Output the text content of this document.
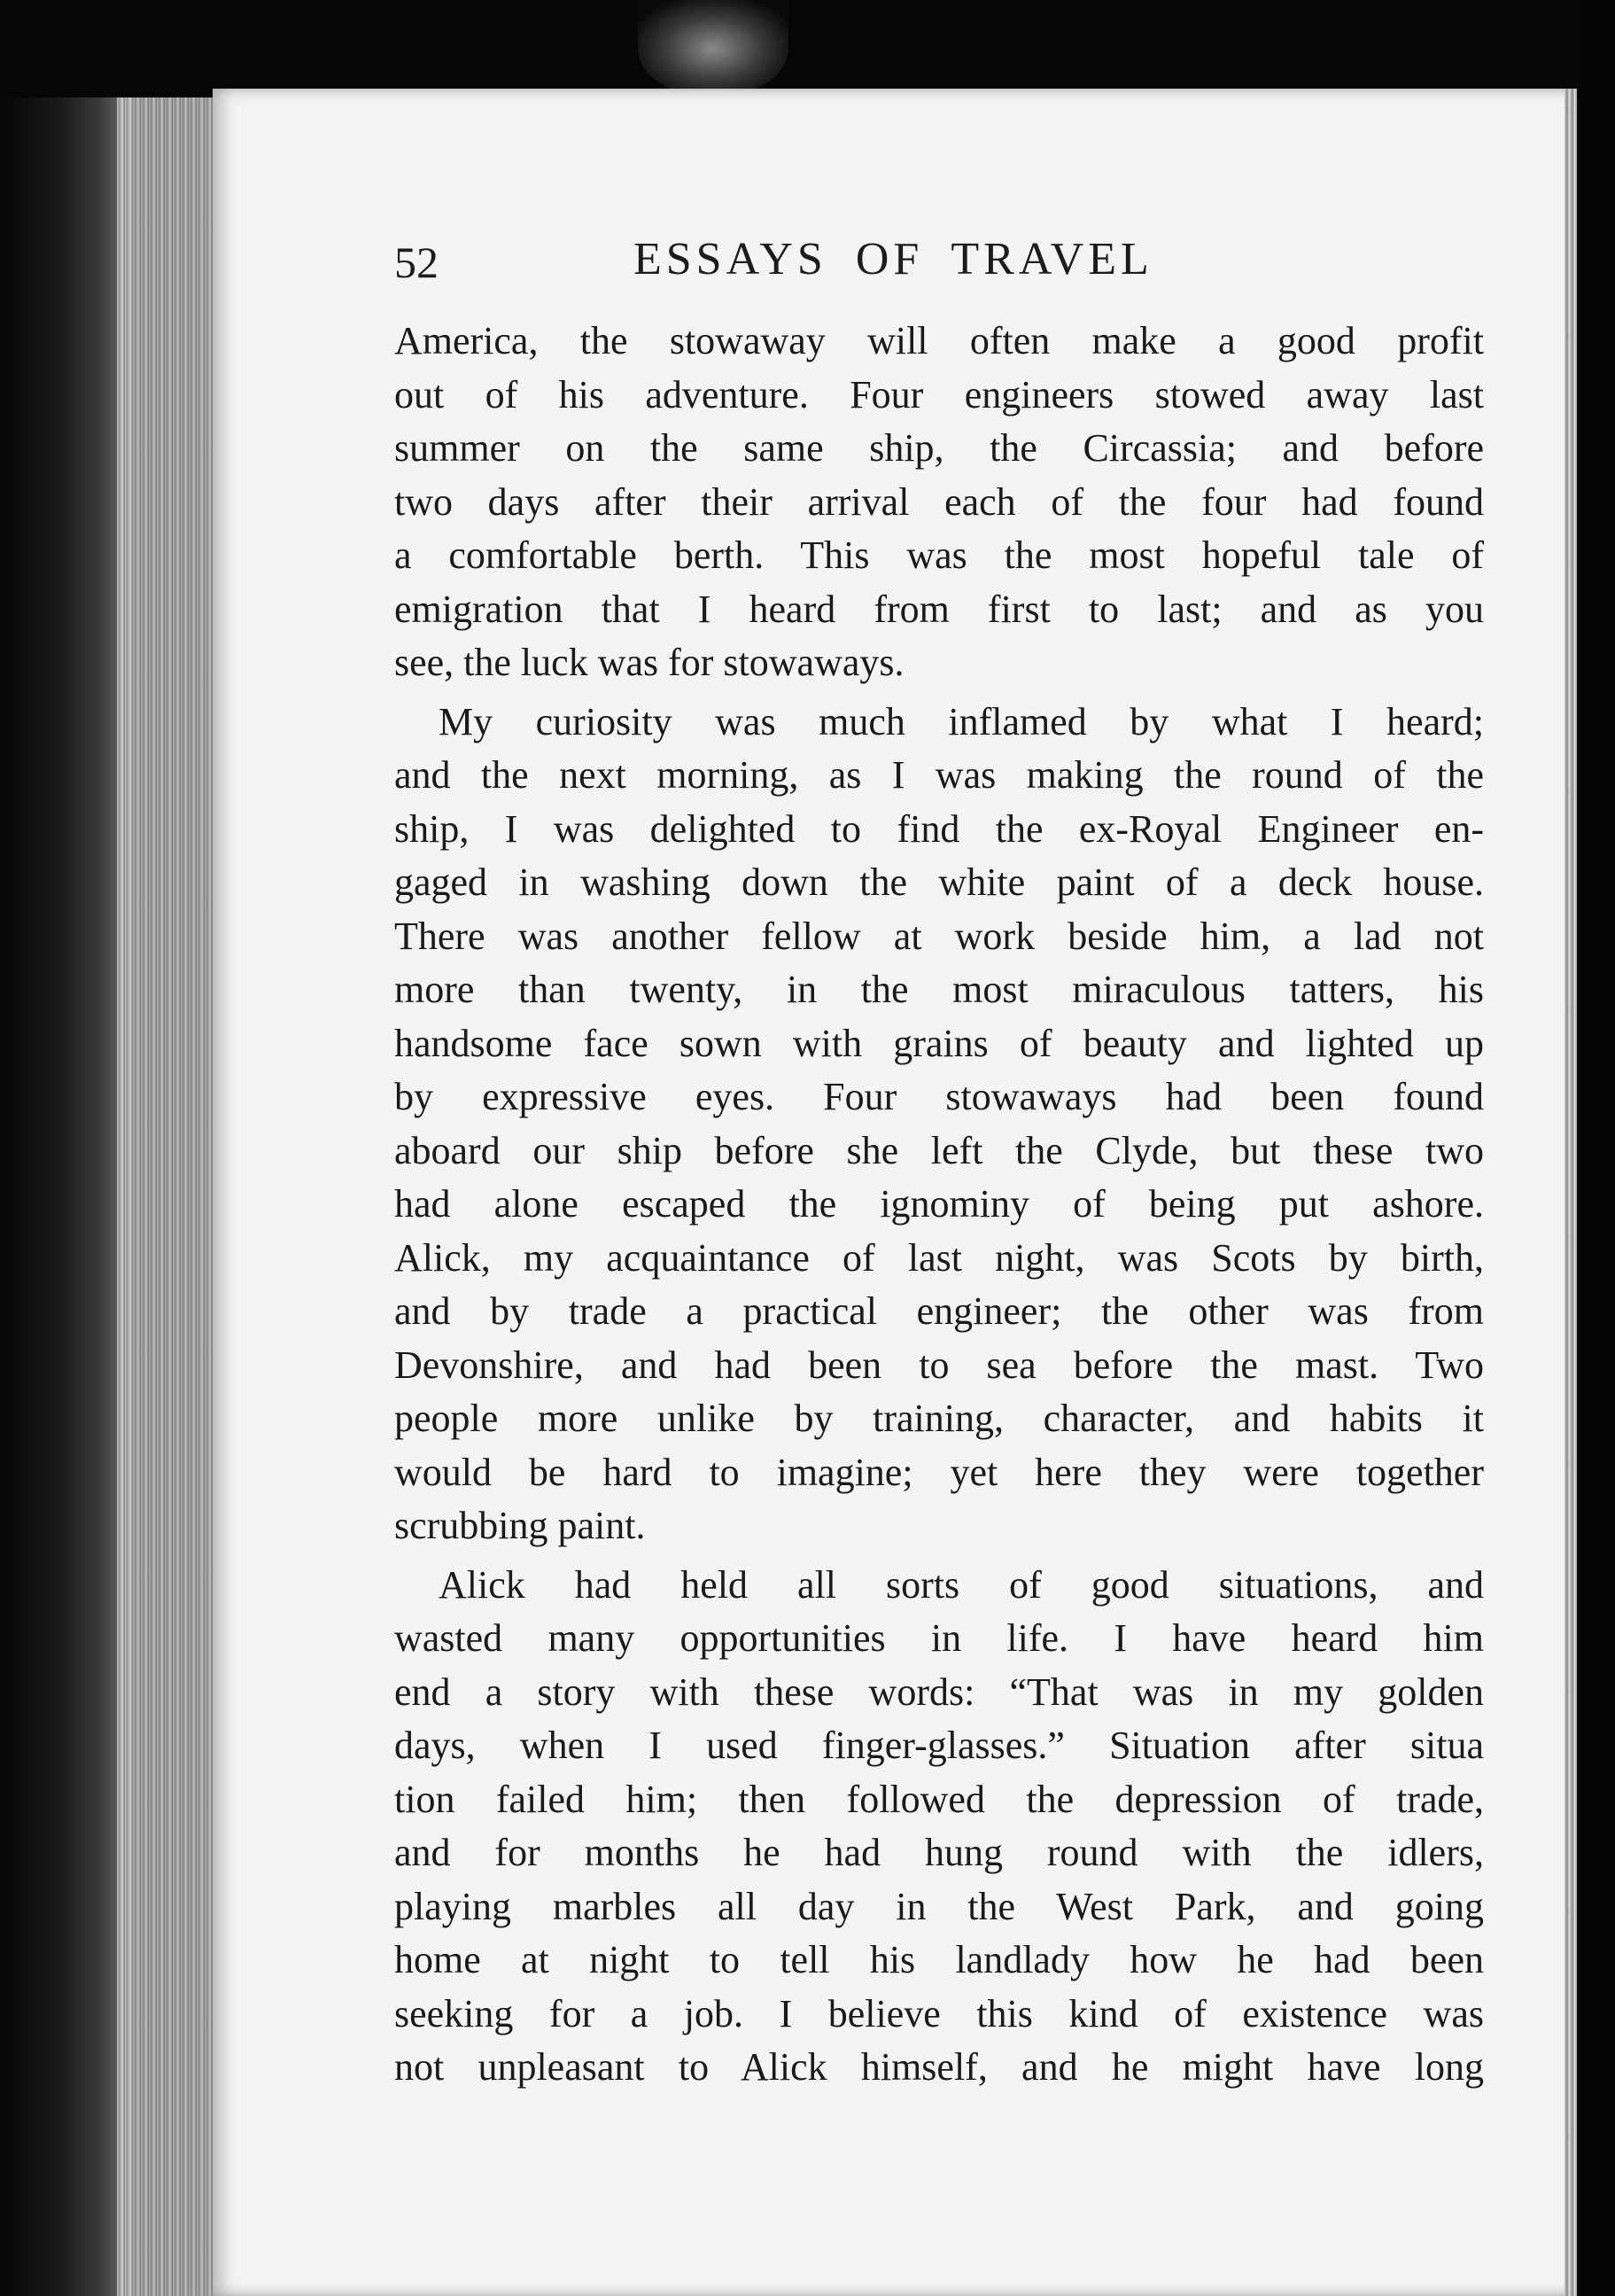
52	ESSAYS OF TRAVEL
America, the stowaway will often make a good profit
out of his adventure. Four engineers stowed away last
summer on the same ship, the Circassia; and before
two days after their arrival each of the four had found
a comfortable berth. This was the most hopeful tale of
emigration that I heard from first to last; and as you
see, the luck was for stowaways.
My curiosity was much inflamed by what I heard;
and the next morning, as I was making the round of the
ship, I was delighted to find the ex-Royal Engineer en-
gaged in washing down the white paint of a deck house.
There was another fellow at work beside him, a lad not
more than twenty, in the most miraculous tatters, his
handsome face sown with grains of beauty and lighted up
by expressive eyes. Four stowaways had been found
aboard our ship before she left the Clyde, but these two
had alone escaped the ignominy of being put ashore.
Alick, my acquaintance of last night, was Scots by birth,
and by trade a practical engineer; the other was from
Devonshire, and had been to sea before the mast. Two
people more unlike by training, character, and habits it
would be hard to imagine; yet here they were together
scrubbing paint.
Alick had held all sorts of good situations, and
wasted many opportunities in life. I have heard him
end a story with these words: “That was in my golden
days, when I used finger-glasses.” Situation after situa
tion failed him; then followed the depression of trade,
and for months he had hung round with the idlers,
playing marbles all day in the West Park, and going
home at night to tell his landlady how he had been
seeking for a job. I believe this kind of existence was
not unpleasant to Alick himself, and he might have long
